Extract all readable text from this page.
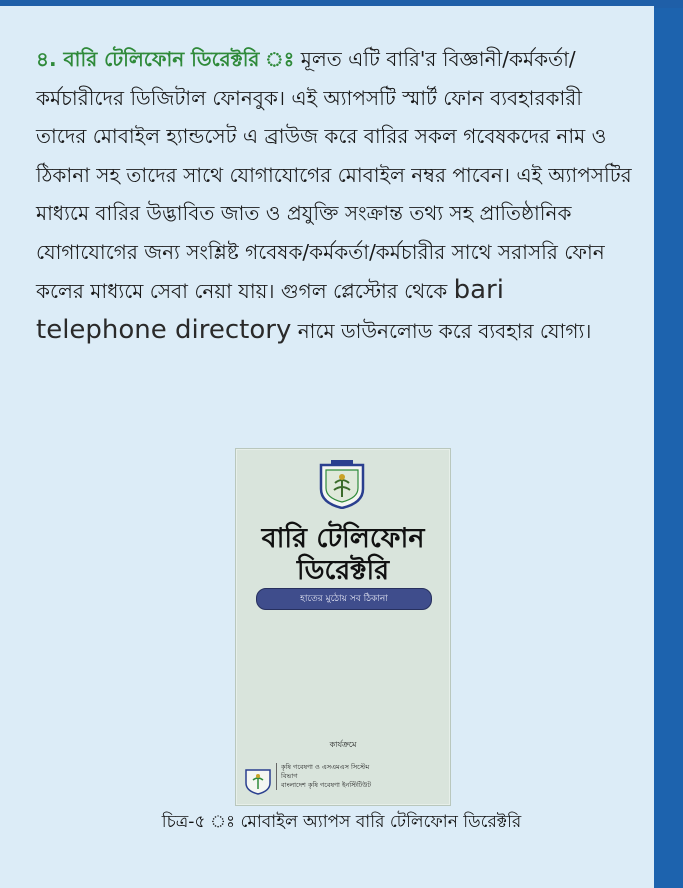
৪. বারি টেলিফোন ডিরেক্টরি ঃ মূলত এটি বারি'র বিজ্ঞানী/কর্মকর্তা/কর্মচারীদের ডিজিটাল ফোনবুক। এই অ্যাপসটি স্মার্ট ফোন ব্যবহারকারী তাদের মোবাইল হ্যান্ডসেট এ ব্রাউজ করে বারির সকল গবেষকদের নাম ও ঠিকানা সহ তাদের সাথে যোগাযোগের মোবাইল নম্বর পাবেন। এই অ্যাপসটির মাধ্যমে বারির উদ্ভাবিত জাত ও প্রযুক্তি সংক্রান্ত তথ্য সহ প্রাতিষ্ঠানিক যোগাযোগের জন্য সংশ্লিষ্ট গবেষক/কর্মকর্তা/কর্মচারীর সাথে সরাসরি ফোন কলের মাধ্যমে সেবা নেয়া যায়। গুগল প্লেস্টোর থেকে bari telephone directory নামে ডাউনলোড করে ব্যবহার যোগ্য।

বারি টেলিফোন
ডিরেক্টরি
হাতের মুঠোয় সব ঠিকানা
কার্যক্রমে
কৃষি গবেষণা ও এসএমএস সিস্টেম
বিভাগ
বাংলাদেশ কৃষি গবেষণা ইনস্টিটিউট
চিত্র-৫ ঃ মোবাইল অ্যাপস বারি টেলিফোন ডিরেক্টরি
